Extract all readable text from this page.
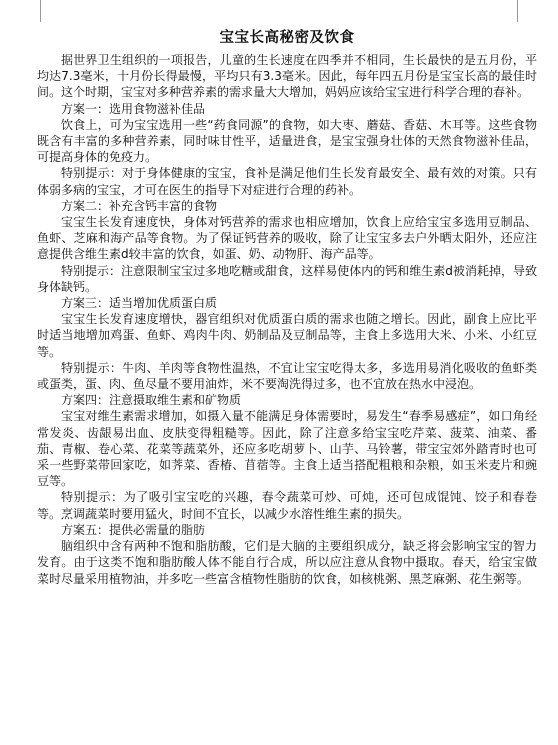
宝宝长高秘密及饮食

据世界卫生组织的一项报告，儿童的生长速度在四季并不相同，生长最快的是五月份，平均达7.3毫米，十月份长得最慢，平均只有3.3毫米。因此，每年四五月份是宝宝长高的最佳时间。这个时期，宝宝对多种营养素的需求量大大增加，妈妈应该给宝宝进行科学合理的春补。

方案一：选用食物滋补佳品

饮食上，可为宝宝选用一些“药食同源”的食物，如大枣、蘑菇、香菇、木耳等。这些食物既含有丰富的多种营养素，同时味甘性平，适量进食，是宝宝强身壮体的天然食物滋补佳品，可提高身体的免疫力。

特别提示：对于身体健康的宝宝，食补是满足他们生长发育最安全、最有效的对策。只有体弱多病的宝宝，才可在医生的指导下对症进行合理的药补。

方案二：补充含钙丰富的食物

宝宝生长发育速度快，身体对钙营养的需求也相应增加，饮食上应给宝宝多选用豆制品、鱼虾、芝麻和海产品等食物。为了保证钙营养的吸收，除了让宝宝多去户外晒太阳外，还应注意提供含维生素d较丰富的饮食，如蛋、奶、动物肝、海产品等。

特别提示：注意限制宝宝过多地吃糖或甜食，这样易使体内的钙和维生素d被消耗掉，导致身体缺钙。

方案三：适当增加优质蛋白质

宝宝生长发育速度增快，器官组织对优质蛋白质的需求也随之增长。因此，副食上应比平时适当地增加鸡蛋、鱼虾、鸡肉牛肉、奶制品及豆制品等，主食上多选用大米、小米、小红豆等。

特别提示：牛肉、羊肉等食物性温热，不宜让宝宝吃得太多，多选用易消化吸收的鱼虾类或蛋类，蛋、肉、鱼尽量不要用油炸，米不要淘洗得过多，也不宜放在热水中浸泡。

方案四：注意摄取维生素和矿物质

宝宝对维生素需求增加，如摄入量不能满足身体需要时，易发生“春季易感症”，如口角经常发炎、齿龈易出血、皮肤变得粗糙等。因此，除了注意多给宝宝吃芹菜、菠菜、油菜、番茄、青椒、卷心菜、花菜等蔬菜外，还应多吃胡萝卜、山芋、马铃薯，带宝宝郊外踏青时也可采一些野菜带回家吃，如荠菜、香椿、苜蓿等。主食上适当搭配粗粮和杂粮，如玉米麦片和豌豆等。

特别提示：为了吸引宝宝吃的兴趣，春令蔬菜可炒、可炖，还可包成馄饨、饺子和春卷等。烹调蔬菜时要用猛火，时间不宜长，以减少水溶性维生素的损失。

方案五：提供必需量的脂肪

脑组织中含有两种不饱和脂肪酸，它们是大脑的主要组织成分，缺乏将会影响宝宝的智力发育。由于这类不饱和脂肪酸人体不能自行合成，所以应注意从食物中摄取。春天，给宝宝做菜时尽量采用植物油，并多吃一些富含植物性脂肪的饮食，如核桃粥、黑芝麻粥、花生粥等。
